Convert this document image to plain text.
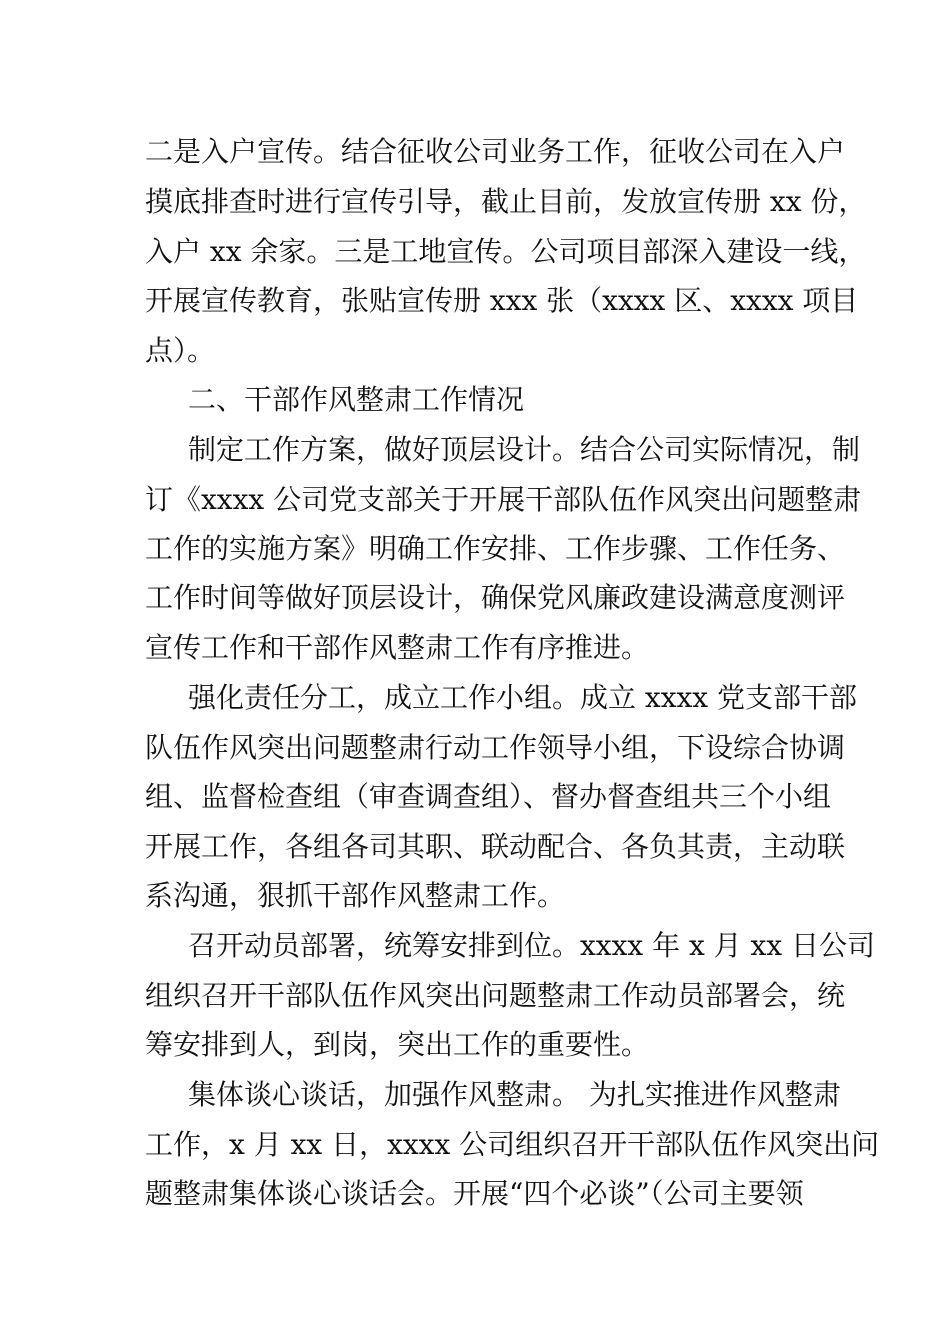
二是入户宣传。结合征收公司业务工作，征收公司在入户

摸底排查时进行宣传引导，截止目前，发放宣传册 xx 份，

入户 xx 余家。三是工地宣传。公司项目部深入建设一线，

开展宣传教育，张贴宣传册 xxx 张（xxxx 区、xxxx 项目

点）。

二、干部作风整肃工作情况

制定工作方案，做好顶层设计。结合公司实际情况，制

订《xxxx 公司党支部关于开展干部队伍作风突出问题整肃

工作的实施方案》明确工作安排、工作步骤、工作任务、

工作时间等做好顶层设计，确保党风廉政建设满意度测评

宣传工作和干部作风整肃工作有序推进。

强化责任分工，成立工作小组。成立 xxxx 党支部干部

队伍作风突出问题整肃行动工作领导小组，下设综合协调

组、监督检查组（审查调查组）、督办督查组共三个小组

开展工作，各组各司其职、联动配合、各负其责，主动联

系沟通，狠抓干部作风整肃工作。

召开动员部署，统筹安排到位。xxxx 年 x 月 xx 日公司

组织召开干部队伍作风突出问题整肃工作动员部署会，统

筹安排到人，到岗，突出工作的重要性。

集体谈心谈话，加强作风整肃。 为扎实推进作风整肃

工作，x 月 xx 日，xxxx 公司组织召开干部队伍作风突出问

题整肃集体谈心谈话会。开展“四个必谈”（公司主要领
